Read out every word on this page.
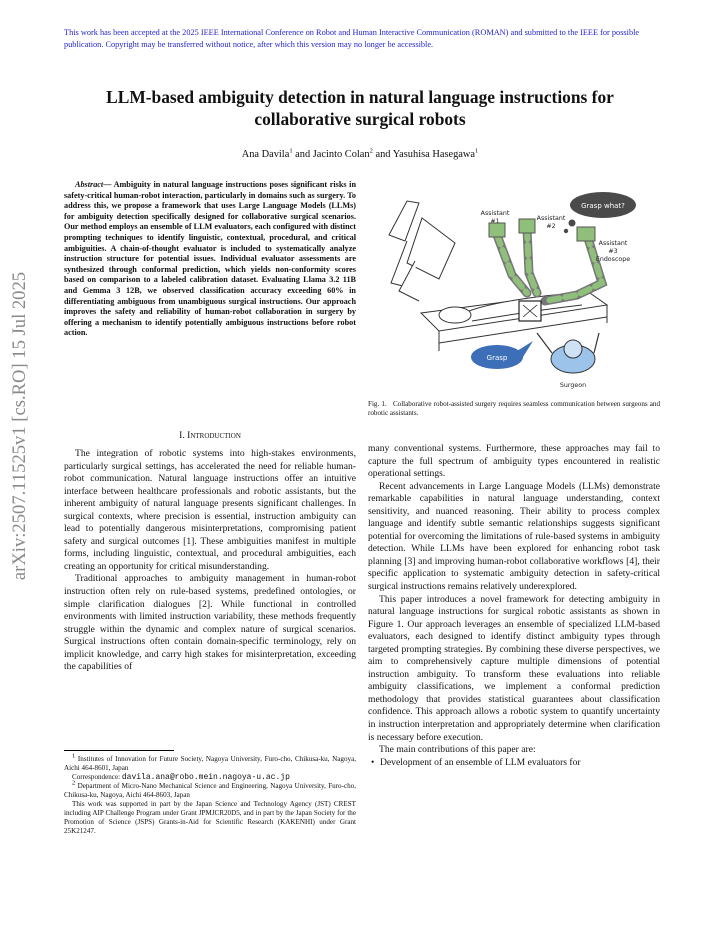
arXiv:2507.11525v1 [cs.RO] 15 Jul 2025
This work has been accepted at the 2025 IEEE International Conference on Robot and Human Interactive Communication (ROMAN) and submitted to the IEEE for possible publication. Copyright may be transferred without notice, after which this version may no longer be accessible.
LLM-based ambiguity detection in natural language instructions for collaborative surgical robots
Ana Davila$^1$ and Jacinto Colan$^2$ and Yasuhisa Hasegawa$^1$
Abstract— Ambiguity in natural language instructions poses significant risks in safety-critical human-robot interaction, particularly in domains such as surgery. To address this, we propose a framework that uses Large Language Models (LLMs) for ambiguity detection specifically designed for collaborative surgical scenarios. Our method employs an ensemble of LLM evaluators, each configured with distinct prompting techniques to identify linguistic, contextual, procedural, and critical ambiguities. A chain-of-thought evaluator is included to systematically analyze instruction structure for potential issues. Individual evaluator assessments are synthesized through conformal prediction, which yields non-conformity scores based on comparison to a labeled calibration dataset. Evaluating Llama 3.2 11B and Gemma 3 12B, we observed classification accuracy exceeding 60% in differentiating ambiguous from unambiguous surgical instructions. Our approach improves the safety and reliability of human-robot collaboration in surgery by offering a mechanism to identify potentially ambiguous instructions before robot action.
Grasp what?
Assistant
#1	Assistant
#2
Assistant
#3
Endoscope
Grasp
Surgeon
Fig. 1. Collaborative robot-assisted surgery requires seamless communication between surgeons and robotic assistants.
I. Introduction

The integration of robotic systems into high-stakes environments, particularly surgical settings, has accelerated the need for reliable human-robot communication. Natural language instructions offer an intuitive interface between healthcare professionals and robotic assistants, but the inherent ambiguity of natural language presents significant challenges. In surgical contexts, where precision is essential, instruction ambiguity can lead to potentially dangerous misinterpretations, compromising patient safety and surgical outcomes [1]. These ambiguities manifest in multiple forms, including linguistic, contextual, and procedural ambiguities, each creating an opportunity for critical misunderstanding.

Traditional approaches to ambiguity management in human-robot instruction often rely on rule-based systems, predefined ontologies, or simple clarification dialogues [2]. While functional in controlled environments with limited instruction variability, these methods frequently struggle within the dynamic and complex nature of surgical scenarios. Surgical instructions often contain domain-specific terminology, rely on implicit knowledge, and carry high stakes for misinterpretation, exceeding the capabilities of

$^1$ Institutes of Innovation for Future Society, Nagoya University, Furo-cho, Chikusa-ku, Nagoya, Aichi 464-8601, Japan

Correspondence: davila.ana@robo.mein.nagoya-u.ac.jp

$^2$ Department of Micro-Nano Mechanical Science and Engineering, Nagoya University, Furo-cho, Chikusa-ku, Nagoya, Aichi 464-8603, Japan

This work was supported in part by the Japan Science and Technology Agency (JST) CREST including AIP Challenge Program under Grant JPMJCR20D5, and in part by the Japan Society for the Promotion of Science (JSPS) Grants-in-Aid for Scientific Research (KAKENHI) under Grant 25K21247.

many conventional systems. Furthermore, these approaches may fail to capture the full spectrum of ambiguity types encountered in realistic operational settings.

Recent advancements in Large Language Models (LLMs) demonstrate remarkable capabilities in natural language understanding, context sensitivity, and nuanced reasoning. Their ability to process complex language and identify subtle semantic relationships suggests significant potential for overcoming the limitations of rule-based systems in ambiguity detection. While LLMs have been explored for enhancing robot task planning [3] and improving human-robot collaborative workflows [4], their specific application to systematic ambiguity detection in safety-critical surgical instructions remains relatively underexplored.

This paper introduces a novel framework for detecting ambiguity in natural language instructions for surgical robotic assistants as shown in Figure 1. Our approach leverages an ensemble of specialized LLM-based evaluators, each designed to identify distinct ambiguity types through targeted prompting strategies. By combining these diverse perspectives, we aim to comprehensively capture multiple dimensions of potential instruction ambiguity. To transform these evaluations into reliable ambiguity classifications, we implement a conformal prediction methodology that provides statistical guarantees about classification confidence. This approach allows a robotic system to quantify uncertainty in instruction interpretation and appropriately determine when clarification is necessary before execution.

The main contributions of this paper are:

• Development of an ensemble of LLM evaluators for
